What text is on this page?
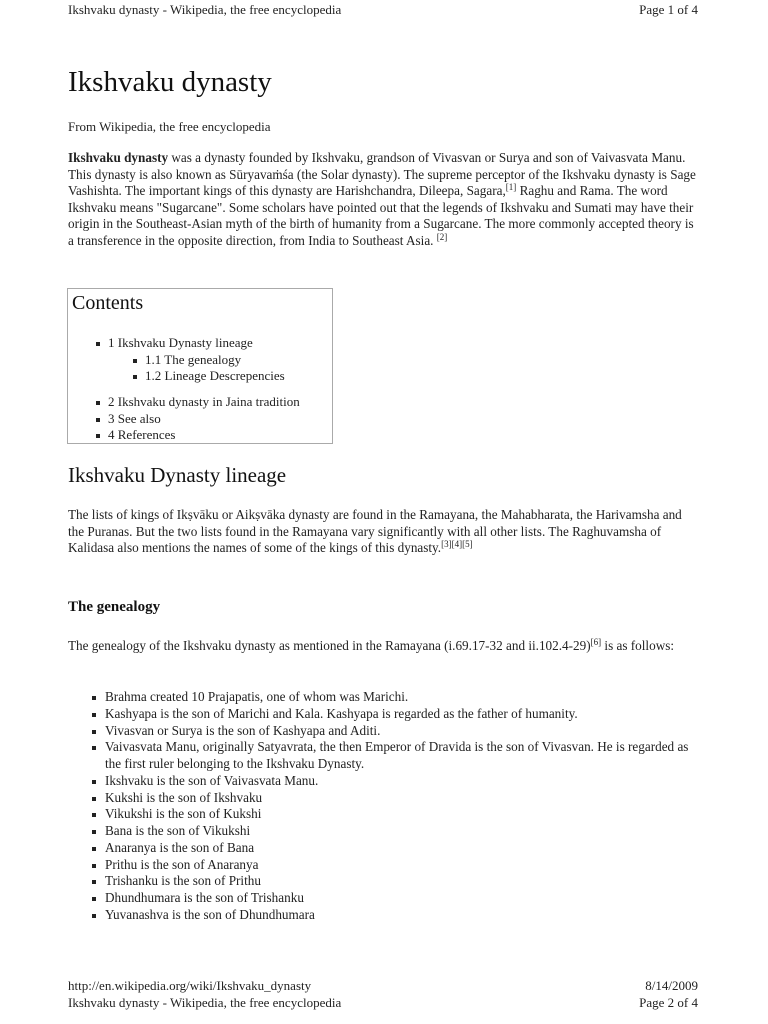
Ikshvaku dynasty - Wikipedia, the free encyclopedia	Page 1 of 4
Ikshvaku dynasty
From Wikipedia, the free encyclopedia

Ikshvaku dynasty was a dynasty founded by Ikshvaku, grandson of Vivasvan or Surya and son of Vaivasvata Manu. This dynasty is also known as Sūryavaṁśa (the Solar dynasty). The supreme perceptor of the Ikshvaku dynasty is Sage Vashishta. The important kings of this dynasty are Harishchandra, Dileepa, Sagara,[1] Raghu and Rama. The word Ikshvaku means "Sugarcane". Some scholars have pointed out that the legends of Ikshvaku and Sumati may have their origin in the Southeast-Asian myth of the birth of humanity from a Sugarcane. The more commonly accepted theory is a transference in the opposite direction, from India to Southeast Asia. [2]

Contents
1 Ikshvaku Dynasty lineage
1.1 The genealogy
1.2 Lineage Descrepencies
2 Ikshvaku dynasty in Jaina tradition
3 See also
4 References
Ikshvaku Dynasty lineage

The lists of kings of Ikṣvāku or Aikṣvāka dynasty are found in the Ramayana, the Mahabharata, the Harivamsha and the Puranas. But the two lists found in the Ramayana vary significantly with all other lists. The Raghuvamsha of Kalidasa also mentions the names of some of the kings of this dynasty.[3][4][5]

The genealogy

The genealogy of the Ikshvaku dynasty as mentioned in the Ramayana (i.69.17-32 and ii.102.4-29)[6] is as follows:

Brahma created 10 Prajapatis, one of whom was Marichi.
Kashyapa is the son of Marichi and Kala. Kashyapa is regarded as the father of humanity.
Vivasvan or Surya is the son of Kashyapa and Aditi.
Vaivasvata Manu, originally Satyavrata, the then Emperor of Dravida is the son of Vivasvan. He is regarded as the first ruler belonging to the Ikshvaku Dynasty.
Ikshvaku is the son of Vaivasvata Manu.
Kukshi is the son of Ikshvaku
Vikukshi is the son of Kukshi
Bana is the son of Vikukshi
Anaranya is the son of Bana
Prithu is the son of Anaranya
Trishanku is the son of Prithu
Dhundhumara is the son of Trishanku
Yuvanashva is the son of Dhundhumara
http://en.wikipedia.org/wiki/Ikshvaku_dynasty	8/14/2009
Ikshvaku dynasty - Wikipedia, the free encyclopedia	Page 2 of 4
